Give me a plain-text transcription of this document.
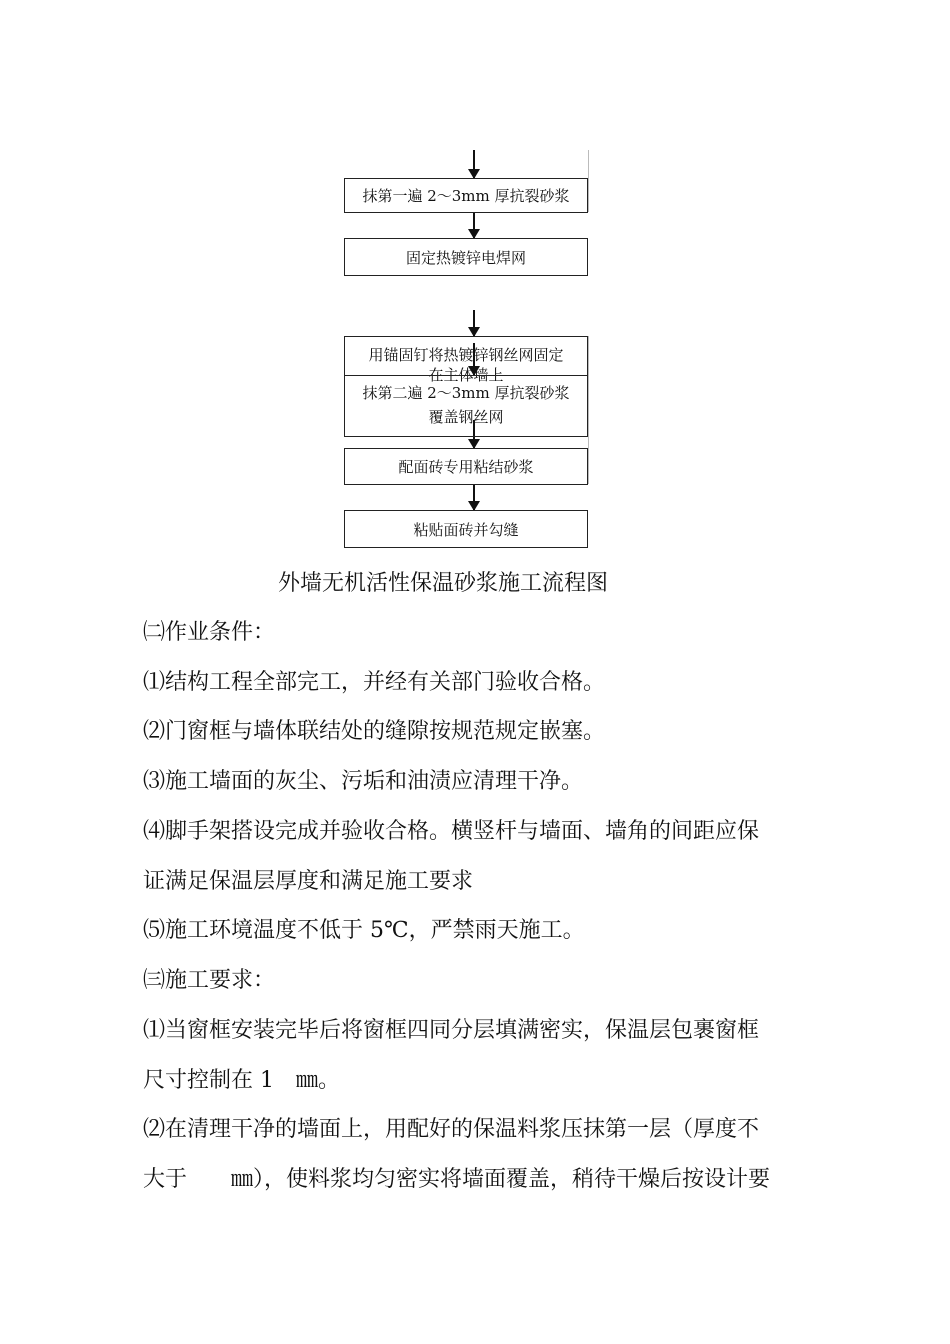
抹第一遍 2～3mm 厚抗裂砂浆
固定热镀锌电焊网
用锚固钉将热镀锌钢丝网固定
在主体墙上
抹第二遍 2～3mm 厚抗裂砂浆
覆盖钢丝网
配面砖专用粘结砂浆
粘贴面砖并勾缝
外墙无机活性保温砂浆施工流程图

㈡作业条件：

⑴结构工程全部完工，并经有关部门验收合格。

⑵门窗框与墙体联结处的缝隙按规范规定嵌塞。

⑶施工墙面的灰尘、污垢和油渍应清理干净。

⑷脚手架搭设完成并验收合格。横竖杆与墙面、墙角的间距应保

证满足保温层厚度和满足施工要求

⑸施工环境温度不低于 5℃，严禁雨天施工。

㈢施工要求：

⑴当窗框安装完毕后将窗框四同分层填满密实，保温层包裹窗框

尺寸控制在 1　㎜。

⑵在清理干净的墙面上，用配好的保温料浆压抹第一层（厚度不

大于　　㎜），使料浆均匀密实将墙面覆盖，稍待干燥后按设计要
